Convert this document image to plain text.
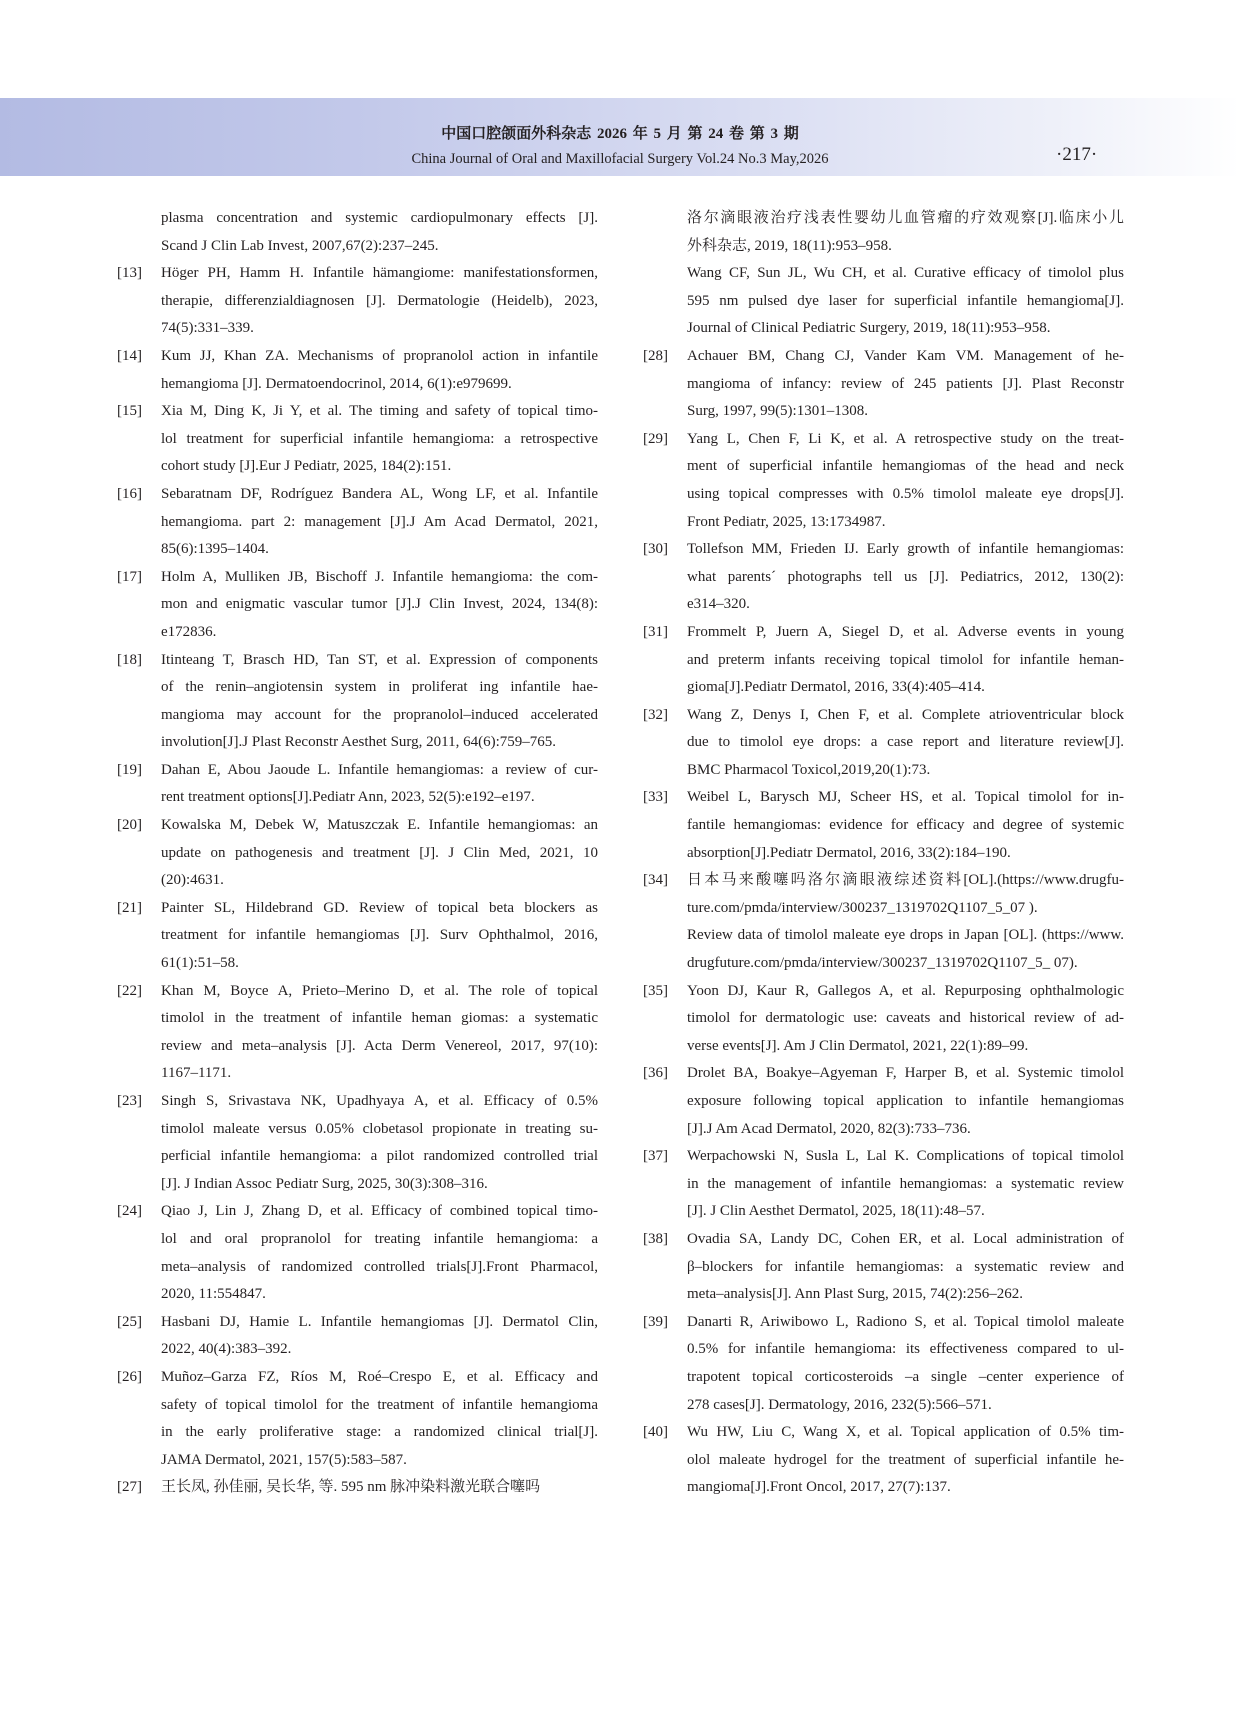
中国口腔颌面外科杂志 2026 年 5 月 第 24 卷 第 3 期
China Journal of Oral and Maxillofacial Surgery Vol.24 No.3 May,2026	·217·
plasma concentration and systemic cardiopulmonary effects [J].
Scand J Clin Lab Invest, 2007,67(2):237–245.
[13] Höger PH, Hamm H. Infantile hämangiome: manifestationsformen,
therapie, differenzialdiagnosen [J]. Dermatologie (Heidelb), 2023,
74(5):331–339.
[14] Kum JJ, Khan ZA. Mechanisms of propranolol action in infantile
hemangioma [J]. Dermatoendocrinol, 2014, 6(1):e979699.
[15] Xia M, Ding K, Ji Y, et al. The timing and safety of topical timo-
lol treatment for superficial infantile hemangioma: a retrospective
cohort study [J].Eur J Pediatr, 2025, 184(2):151.
[16] Sebaratnam DF, Rodríguez Bandera AL, Wong LF, et al. Infantile
hemangioma. part 2: management [J].J Am Acad Dermatol, 2021,
85(6):1395–1404.
[17] Holm A, Mulliken JB, Bischoff J. Infantile hemangioma: the com-
mon and enigmatic vascular tumor [J].J Clin Invest, 2024, 134(8):
e172836.
[18] Itinteang T, Brasch HD, Tan ST, et al. Expression of components
of the renin–angiotensin system in proliferat ing infantile hae-
mangioma may account for the propranolol–induced accelerated
involution[J].J Plast Reconstr Aesthet Surg, 2011, 64(6):759–765.
[19] Dahan E, Abou Jaoude L. Infantile hemangiomas: a review of cur-
rent treatment options[J].Pediatr Ann, 2023, 52(5):e192–e197.
[20] Kowalska M, Debek W, Matuszczak E. Infantile hemangiomas: an
update on pathogenesis and treatment [J]. J Clin Med, 2021, 10
(20):4631.
[21] Painter SL, Hildebrand GD. Review of topical beta blockers as
treatment for infantile hemangiomas [J]. Surv Ophthalmol, 2016,
61(1):51–58.
[22] Khan M, Boyce A, Prieto–Merino D, et al. The role of topical
timolol in the treatment of infantile heman giomas: a systematic
review and meta–analysis [J]. Acta Derm Venereol, 2017, 97(10):
1167–1171.
[23] Singh S, Srivastava NK, Upadhyaya A, et al. Efficacy of 0.5%
timolol maleate versus 0.05% clobetasol propionate in treating su-
perficial infantile hemangioma: a pilot randomized controlled trial
[J]. J Indian Assoc Pediatr Surg, 2025, 30(3):308–316.
[24] Qiao J, Lin J, Zhang D, et al. Efficacy of combined topical timo-
lol and oral propranolol for treating infantile hemangioma: a
meta–analysis of randomized controlled trials[J].Front Pharmacol,
2020, 11:554847.
[25] Hasbani DJ, Hamie L. Infantile hemangiomas [J]. Dermatol Clin,
2022, 40(4):383–392.
[26] Muñoz–Garza FZ, Ríos M, Roé–Crespo E, et al. Efficacy and
safety of topical timolol for the treatment of infantile hemangioma
in the early proliferative stage: a randomized clinical trial[J].
JAMA Dermatol, 2021, 157(5):583–587.
[27] 王长凤, 孙佳丽, 吴长华, 等. 595 nm 脉冲染料激光联合噻吗
洛尔滴眼液治疗浅表性婴幼儿血管瘤的疗效观察[J].临床小儿
外科杂志, 2019, 18(11):953–958.
Wang CF, Sun JL, Wu CH, et al. Curative efficacy of timolol plus
595 nm pulsed dye laser for superficial infantile hemangioma[J].
Journal of Clinical Pediatric Surgery, 2019, 18(11):953–958.
[28] Achauer BM, Chang CJ, Vander Kam VM. Management of he-
mangioma of infancy: review of 245 patients [J]. Plast Reconstr
Surg, 1997, 99(5):1301–1308.
[29] Yang L, Chen F, Li K, et al. A retrospective study on the treat-
ment of superficial infantile hemangiomas of the head and neck
using topical compresses with 0.5% timolol maleate eye drops[J].
Front Pediatr, 2025, 13:1734987.
[30] Tollefson MM, Frieden IJ. Early growth of infantile hemangiomas:
what parents´ photographs tell us [J]. Pediatrics, 2012, 130(2):
e314–320.
[31] Frommelt P, Juern A, Siegel D, et al. Adverse events in young
and preterm infants receiving topical timolol for infantile heman-
gioma[J].Pediatr Dermatol, 2016, 33(4):405–414.
[32] Wang Z, Denys I, Chen F, et al. Complete atrioventricular block
due to timolol eye drops: a case report and literature review[J].
BMC Pharmacol Toxicol,2019,20(1):73.
[33] Weibel L, Barysch MJ, Scheer HS, et al. Topical timolol for in-
fantile hemangiomas: evidence for efficacy and degree of systemic
absorption[J].Pediatr Dermatol, 2016, 33(2):184–190.
[34] 日本马来酸噻吗洛尔滴眼液综述资料[OL].(https://www.drugfu-
ture.com/pmda/interview/300237_1319702Q1107_5_07 ).
Review data of timolol maleate eye drops in Japan [OL]. (https://www.
drugfuture.com/pmda/interview/300237_1319702Q1107_5_ 07).
[35] Yoon DJ, Kaur R, Gallegos A, et al. Repurposing ophthalmologic
timolol for dermatologic use: caveats and historical review of ad-
verse events[J]. Am J Clin Dermatol, 2021, 22(1):89–99.
[36] Drolet BA, Boakye–Agyeman F, Harper B, et al. Systemic timolol
exposure following topical application to infantile hemangiomas
[J].J Am Acad Dermatol, 2020, 82(3):733–736.
[37] Werpachowski N, Susla L, Lal K. Complications of topical timolol
in the management of infantile hemangiomas: a systematic review
[J]. J Clin Aesthet Dermatol, 2025, 18(11):48–57.
[38] Ovadia SA, Landy DC, Cohen ER, et al. Local administration of
β–blockers for infantile hemangiomas: a systematic review and
meta–analysis[J]. Ann Plast Surg, 2015, 74(2):256–262.
[39] Danarti R, Ariwibowo L, Radiono S, et al. Topical timolol maleate
0.5% for infantile hemangioma: its effectiveness compared to ul-
trapotent topical corticosteroids –a single –center experience of
278 cases[J]. Dermatology, 2016, 232(5):566–571.
[40] Wu HW, Liu C, Wang X, et al. Topical application of 0.5% tim-
olol maleate hydrogel for the treatment of superficial infantile he-
mangioma[J].Front Oncol, 2017, 27(7):137.
